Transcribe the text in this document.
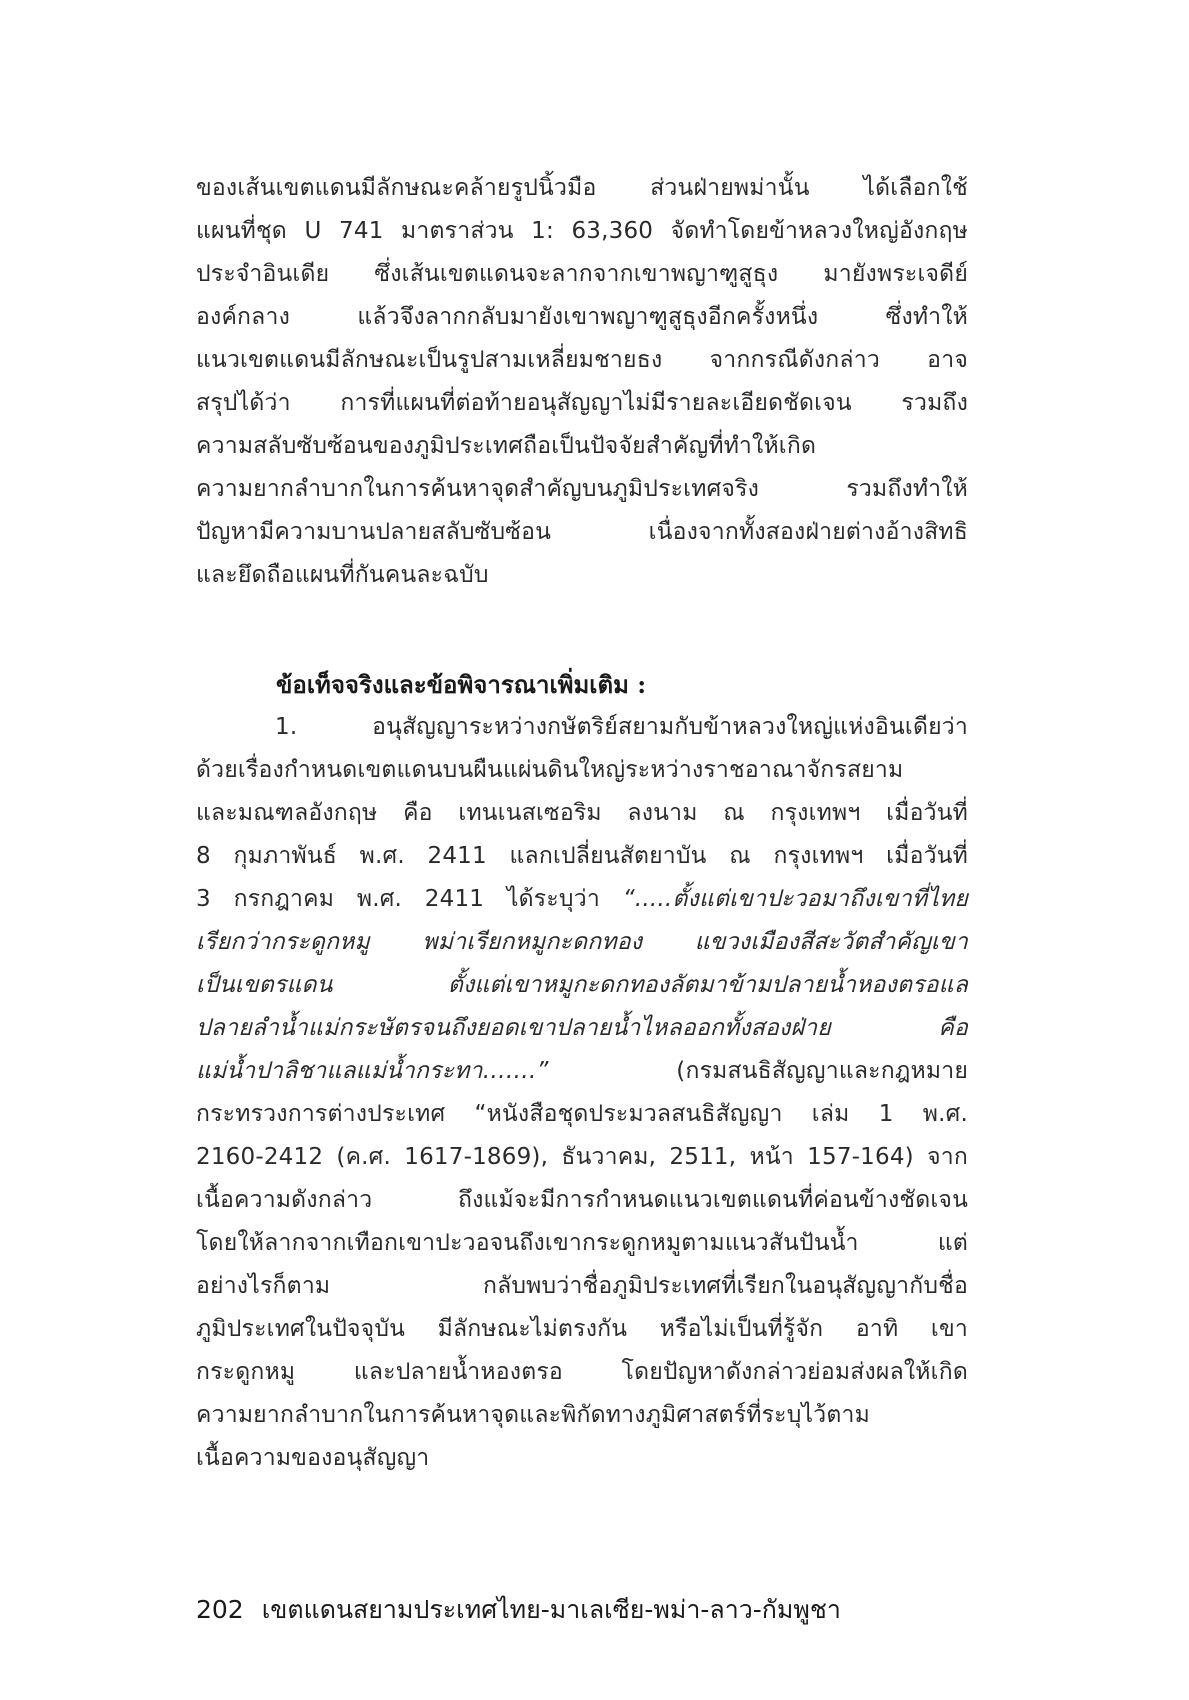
ของเส้นเขตแดนมีลักษณะคล้ายรูปนิ้วมือ ส่วนฝ่ายพม่านั้น ได้เลือกใช้
แผนที่ชุด U 741 มาตราส่วน 1: 63,360 จัดทำโดยข้าหลวงใหญ่อังกฤษ
ประจำอินเดีย ซึ่งเส้นเขตแดนจะลากจากเขาพญาฑูสูธุง มายังพระเจดีย์
องค์กลาง แล้วจึงลากกลับมายังเขาพญาฑูสูธุงอีกครั้งหนึ่ง ซึ่งทำให้
แนวเขตแดนมีลักษณะเป็นรูปสามเหลี่ยมชายธง จากกรณีดังกล่าว อาจ
สรุปได้ว่า การที่แผนที่ต่อท้ายอนุสัญญาไม่มีรายละเอียดชัดเจน รวมถึง
ความสลับซับซ้อนของภูมิประเทศถือเป็นปัจจัยสำคัญที่ทำให้เกิด
ความยากลำบากในการค้นหาจุดสำคัญบนภูมิประเทศจริง รวมถึงทำให้
ปัญหามีความบานปลายสลับซับซ้อน เนื่องจากทั้งสองฝ่ายต่างอ้างสิทธิ
และยึดถือแผนที่กันคนละฉบับ
ข้อเท็จจริงและข้อพิจารณาเพิ่มเติม :
1. อนุสัญญาระหว่างกษัตริย์สยามกับข้าหลวงใหญ่แห่งอินเดียว่า
ด้วยเรื่องกำหนดเขตแดนบนผืนแผ่นดินใหญ่ระหว่างราชอาณาจักรสยาม
และมณฑลอังกฤษ คือ เทนเนสเซอริม ลงนาม ณ กรุงเทพฯ เมื่อวันที่
8 กุมภาพันธ์ พ.ศ. 2411 แลกเปลี่ยนสัตยาบัน ณ กรุงเทพฯ เมื่อวันที่
3 กรกฎาคม พ.ศ. 2411 ได้ระบุว่า “.....ตั้งแต่เขาปะวอมาถึงเขาที่ไทย
เรียกว่ากระดูกหมู พม่าเรียกหมูกะดกทอง แขวงเมืองสีสะวัตสำคัญเขา
เป็นเขตรแดน ตั้งแต่เขาหมูกะดกทองลัตมาข้ามปลายน้ำหองตรอแล
ปลายลำน้ำแม่กระษัตรจนถึงยอดเขาปลายน้ำไหลออกทั้งสองฝ่าย คือ
แม่น้ำปาลิชาแลแม่น้ำกระทา…….” (กรมสนธิสัญญาและกฎหมาย
กระทรวงการต่างประเทศ “หนังสือชุดประมวลสนธิสัญญา เล่ม 1 พ.ศ.
2160-2412 (ค.ศ. 1617-1869), ธันวาคม, 2511, หน้า 157-164) จาก
เนื้อความดังกล่าว ถึงแม้จะมีการกำหนดแนวเขตแดนที่ค่อนข้างชัดเจน
โดยให้ลากจากเทือกเขาปะวอจนถึงเขากระดูกหมูตามแนวสันปันน้ำ แต่
อย่างไรก็ตาม กลับพบว่าชื่อภูมิประเทศที่เรียกในอนุสัญญากับชื่อ
ภูมิประเทศในปัจจุบัน มีลักษณะไม่ตรงกัน หรือไม่เป็นที่รู้จัก อาทิ เขา
กระดูกหมู และปลายน้ำหองตรอ โดยปัญหาดังกล่าวย่อมส่งผลให้เกิด
ความยากลำบากในการค้นหาจุดและพิกัดทางภูมิศาสตร์ที่ระบุไว้ตาม
เนื้อความของอนุสัญญา
202 เขตแดนสยามประเทศไทย-มาเลเซีย-พม่า-ลาว-กัมพูชา
